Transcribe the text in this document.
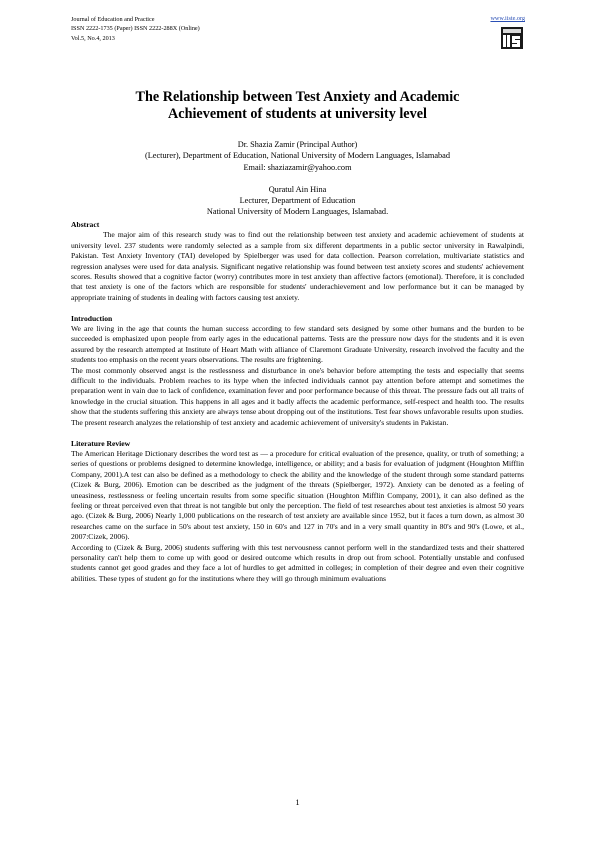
Journal of Education and Practice
ISSN 2222-1735 (Paper) ISSN 2222-288X (Online)
Vol.5, No.4, 2013
www.iiste.org
The Relationship between Test Anxiety and Academic
Achievement of students at university level
Dr. Shazia Zamir (Principal Author)
(Lecturer), Department of Education, National University of Modern Languages, Islamabad
Email: shaziazamir@yahoo.com
Quratul Ain Hina
Lecturer, Department of Education
National University of Modern Languages, Islamabad.
Abstract

The major aim of this research study was to find out the relationship between test anxiety and academic achievement of students at university level. 237 students were randomly selected as a sample from six different departments in a public sector university in Rawalpindi, Pakistan. Test Anxiety Inventory (TAI) developed by Spielberger was used for data collection. Pearson correlation, multivariate statistics and regression analyses were used for data analysis. Significant negative relationship was found between test anxiety scores and students' achievement scores. Results showed that a cognitive factor (worry) contributes more in test anxiety than affective factors (emotional). Therefore, it is concluded that test anxiety is one of the factors which are responsible for students' underachievement and low performance but it can be managed by appropriate training of students in dealing with factors causing test anxiety.

Introduction

We are living in the age that counts the human success according to few standard sets designed by some other humans and the burden to be succeeded is emphasized upon people from early ages in the educational patterns. Tests are the pressure now days for the students and it is even assured by the research attempted at Institute of Heart Math with alliance of Claremont Graduate University, research involved the faculty and the students too emphasis on the recent years observations. The results are frightening.

The most commonly observed angst is the restlessness and disturbance in one's behavior before attempting the tests and especially that seems difficult to the individuals. Problem reaches to its hype when the infected individuals cannot pay attention before attempt and sometimes the preparation went in vain due to lack of confidence, examination fever and poor performance because of this threat. The pressure fads out all traits of knowledge in the crucial situation. This happens in all ages and it badly affects the academic performance, self-respect and health too. The results show that the students suffering this anxiety are always tense about dropping out of the institutions. Test fear shows unfavorable results upon studies.

The present research analyzes the relationship of test anxiety and academic achievement of university's students in Pakistan.

Literature Review

The American Heritage Dictionary describes the word test as ― a procedure for critical evaluation of the presence, quality, or truth of something; a series of questions or problems designed to determine knowledge, intelligence, or ability; and a basis for evaluation of judgment (Houghton Mifflin Company, 2001).A test can also be defined as a methodology to check the ability and the knowledge of the student through some standard patterns (Cizek & Burg, 2006). Emotion can be described as the judgment of the threats (Spielberger, 1972). Anxiety can be denoted as a feeling of uneasiness, restlessness or feeling uncertain results from some specific situation (Houghton Mifflin Company, 2001), it can also defined as the feeling or threat perceived even that threat is not tangible but only the perception. The field of test researches about test anxieties is almost 50 years ago. (Cizek & Burg, 2006) Nearly 1,000 publications on the research of test anxiety are available since 1952, but it faces a turn down, as almost 30 researches came on the surface in 50's about test anxiety, 150 in 60's and 127 in 70's and in a very small quantity in 80's and 90's (Lowe, et al., 2007:Cizek, 2006).

According to (Cizek & Burg, 2006) students suffering with this test nervousness cannot perform well in the standardized tests and their shattered personality can't help them to come up with good or desired outcome which results in drop out from school. Potentially unstable and confused students cannot get good grades and they face a lot of hurdles to get admitted in colleges; in completion of their degree and even their cognitive abilities. These types of student go for the institutions where they will go through minimum evaluations

1
